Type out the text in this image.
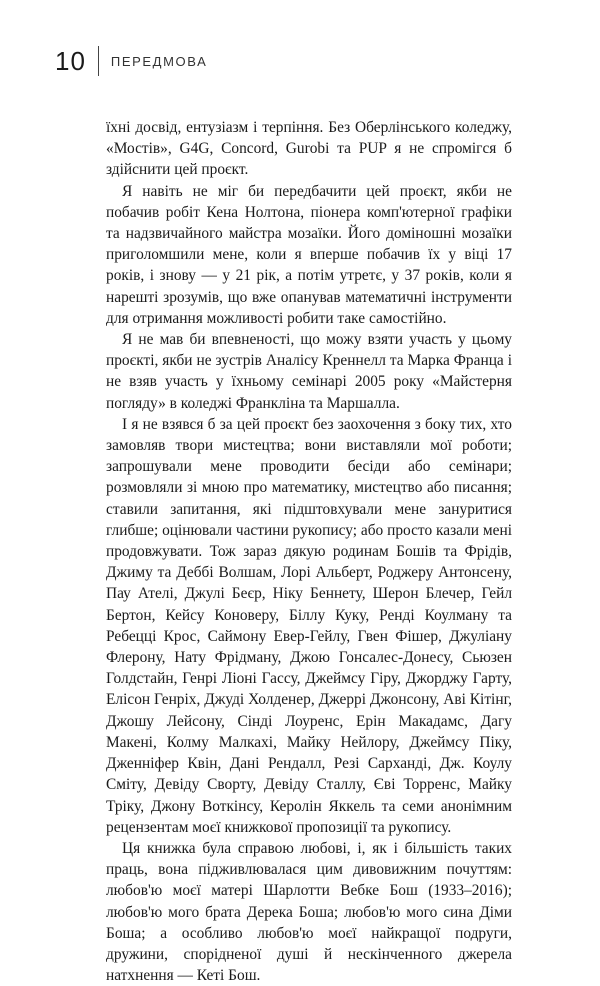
10 ПЕРЕДМОВА

їхні досвід, ентузіазм і терпіння. Без Оберлінського коледжу, «Мостів», G4G, Concord, Gurobi та PUP я не спромігся б здійснити цей проєкт.

Я навіть не міг би передбачити цей проєкт, якби не побачив робіт Кена Нолтона, піонера комп'ютерної графіки та надзвичайного майстра мозаїки. Його доміношні мозаїки приголомшили мене, коли я вперше побачив їх у віці 17 років, і знову — у 21 рік, а потім утретє, у 37 років, коли я нарешті зрозумів, що вже опанував математичні інструменти для отримання можливості робити таке самостійно.

Я не мав би впевненості, що можу взяти участь у цьому проєкті, якби не зустрів Аналісу Креннелл та Марка Франца і не взяв участь у їхньому семінарі 2005 року «Майстерня погляду» в коледжі Франкліна та Маршалла.

І я не взявся б за цей проєкт без заохочення з боку тих, хто замовляв твори мистецтва; вони виставляли мої роботи; запрошували мене проводити бесіди або семінари; розмовляли зі мною про математику, мистецтво або писання; ставили запитання, які підштовхували мене зануритися глибше; оцінювали частини рукопису; або просто казали мені продовжувати. Тож зараз дякую родинам Бошів та Фрідів, Джиму та Деббі Волшам, Лорі Альберт, Роджеру Антонсену, Пау Ателі, Джулі Беєр, Ніку Беннету, Шерон Блечер, Гейл Бертон, Кейсу Коноверу, Біллу Куку, Ренді Коулману та Ребецці Крос, Саймону Евер-Гейлу, Гвен Фішер, Джуліану Флерону, Нату Фрідману, Джою Гонсалес-Донесу, Сьюзен Голдстайн, Генрі Ліоні Гассу, Джеймсу Гіру, Джорджу Гарту, Елісон Генріх, Джуді Холденер, Джеррі Джонсону, Аві Кітінг, Джошу Лейсону, Сінді Лоуренс, Ерін Макадамс, Дагу Макені, Колму Малкахі, Майку Нейлору, Джеймсу Піку, Дженніфер Квін, Дані Рендалл, Резі Сарханді, Дж. Коулу Сміту, Девіду Сворту, Девіду Сталлу, Єві Торренс, Майку Тріку, Джону Воткінсу, Керолін Яккель та семи анонімним рецензентам моєї книжкової пропозиції та рукопису.

Ця книжка була справою любові, і, як і більшість таких праць, вона підживлювалася цим дивовижним почуттям: любов'ю моєї матері Шарлотти Вебке Бош (1933–2016); любов'ю мого брата Дерека Боша; любов'ю мого сина Діми Боша; а особливо любов'ю моєї найкращої подруги, дружини, спорідненої душі й нескінченного джерела натхнення — Кеті Бош.
